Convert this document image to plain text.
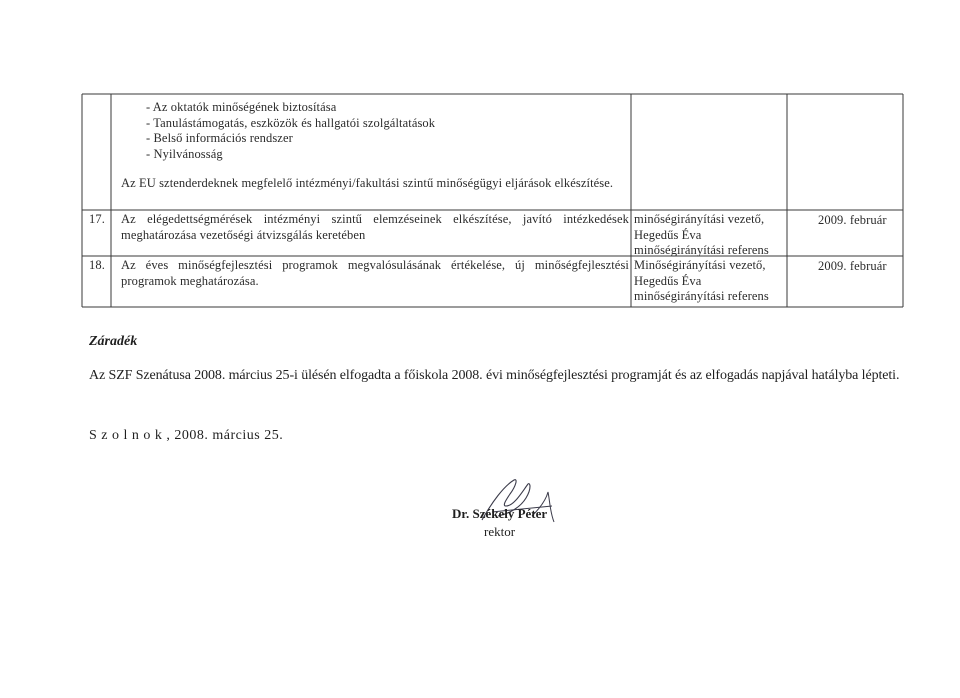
- Az oktatók minőségének biztosítása
- Tanulástámogatás, eszközök és hallgatói szolgáltatások
- Belső információs rendszer
- Nyilvánosság
Az EU sztenderdeknek megfelelő intézményi/fakultási szintű minőségügyi eljárások elkészítése.
17. Az elégedettségmérések intézményi szintű elemzéseinek elkészítése, javító intézkedések meghatározása vezetőségi átvizsgálás keretében
minőségirányítási vezető,
Hegedűs Éva
minőségirányítási referens
2009. február
18. Az éves minőségfejlesztési programok megvalósulásának értékelése, új minőségfejlesztési programok meghatározása.
Minőségirányítási vezető,
Hegedűs Éva
minőségirányítási referens
2009. február
Záradék
Az SZF Szenátusa 2008. március 25-i ülésén elfogadta a főiskola 2008. évi minőségfejlesztési programját és az elfogadás napjával hatályba lépteti.
S z o l n o k , 2008. március 25.
Dr. Székely Péter
rektor
